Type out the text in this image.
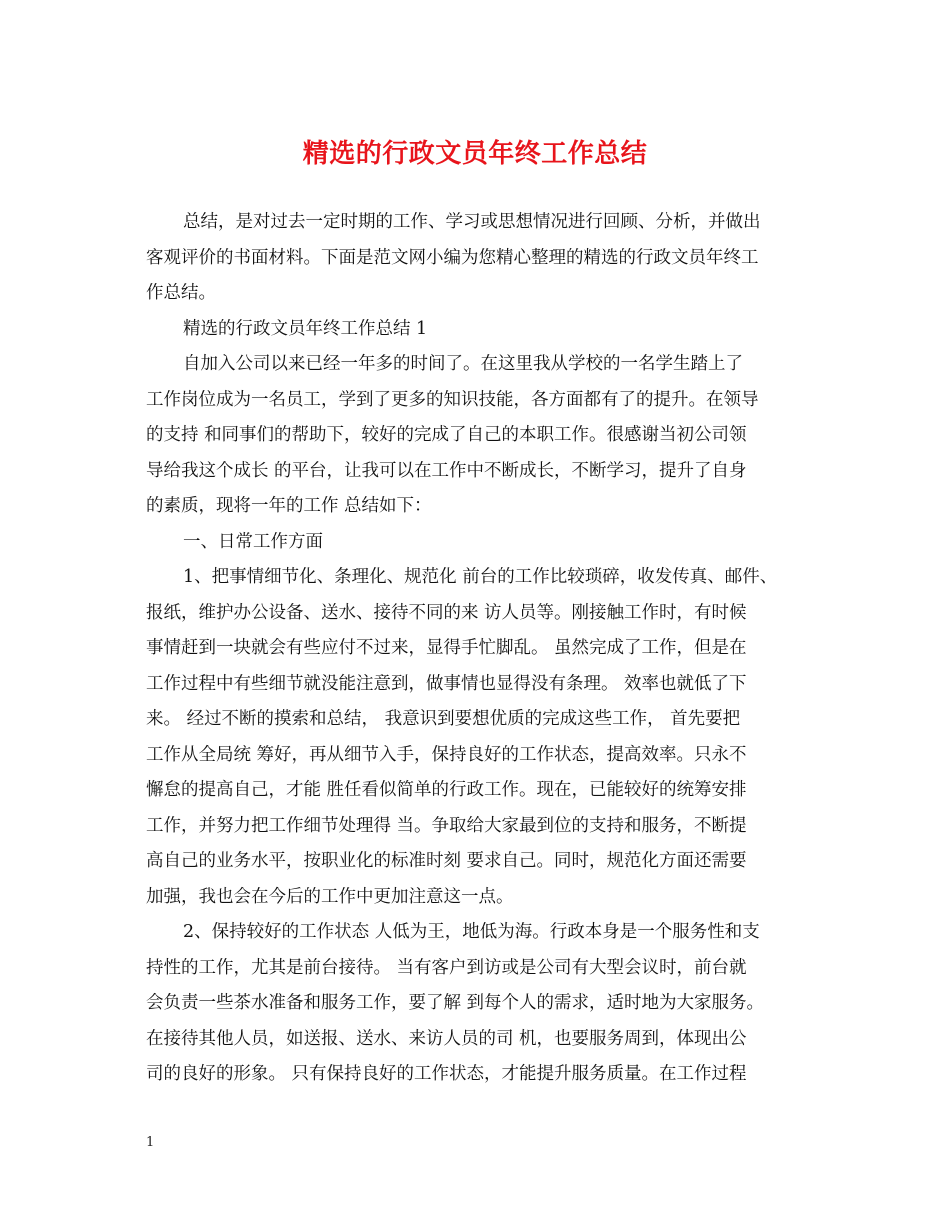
精选的行政文员年终工作总结
总结，是对过去一定时期的工作、学习或思想情况进行回顾、分析，并做出
客观评价的书面材料。下面是范文网小编为您精心整理的精选的行政文员年终工
作总结。
精选的行政文员年终工作总结 1
自加入公司以来已经一年多的时间了。在这里我从学校的一名学生踏上了
工作岗位成为一名员工，学到了更多的知识技能，各方面都有了的提升。在领导
的支持 和同事们的帮助下，较好的完成了自己的本职工作。很感谢当初公司领
导给我这个成长 的平台，让我可以在工作中不断成长，不断学习，提升了自身
的素质，现将一年的工作 总结如下：
一、日常工作方面
1、把事情细节化、条理化、规范化 前台的工作比较琐碎，收发传真、邮件、
报纸，维护办公设备、送水、接待不同的来 访人员等。刚接触工作时，有时候
事情赶到一块就会有些应付不过来，显得手忙脚乱。 虽然完成了工作，但是在
工作过程中有些细节就没能注意到，做事情也显得没有条理。 效率也就低了下
来。 经过不断的摸索和总结， 我意识到要想优质的完成这些工作， 首先要把
工作从全局统 筹好，再从细节入手，保持良好的工作状态，提高效率。只永不
懈怠的提高自己，才能 胜任看似简单的行政工作。现在，已能较好的统筹安排
工作，并努力把工作细节处理得 当。争取给大家最到位的支持和服务，不断提
高自己的业务水平，按职业化的标准时刻 要求自己。同时，规范化方面还需要
加强，我也会在今后的工作中更加注意这一点。
2、保持较好的工作状态 人低为王，地低为海。行政本身是一个服务性和支
持性的工作，尤其是前台接待。 当有客户到访或是公司有大型会议时，前台就
会负责一些茶水准备和服务工作，要了解 到每个人的需求，适时地为大家服务。
在接待其他人员，如送报、送水、来访人员的司 机，也要服务周到，体现出公
司的良好的形象。 只有保持良好的工作状态，才能提升服务质量。在工作过程
1
